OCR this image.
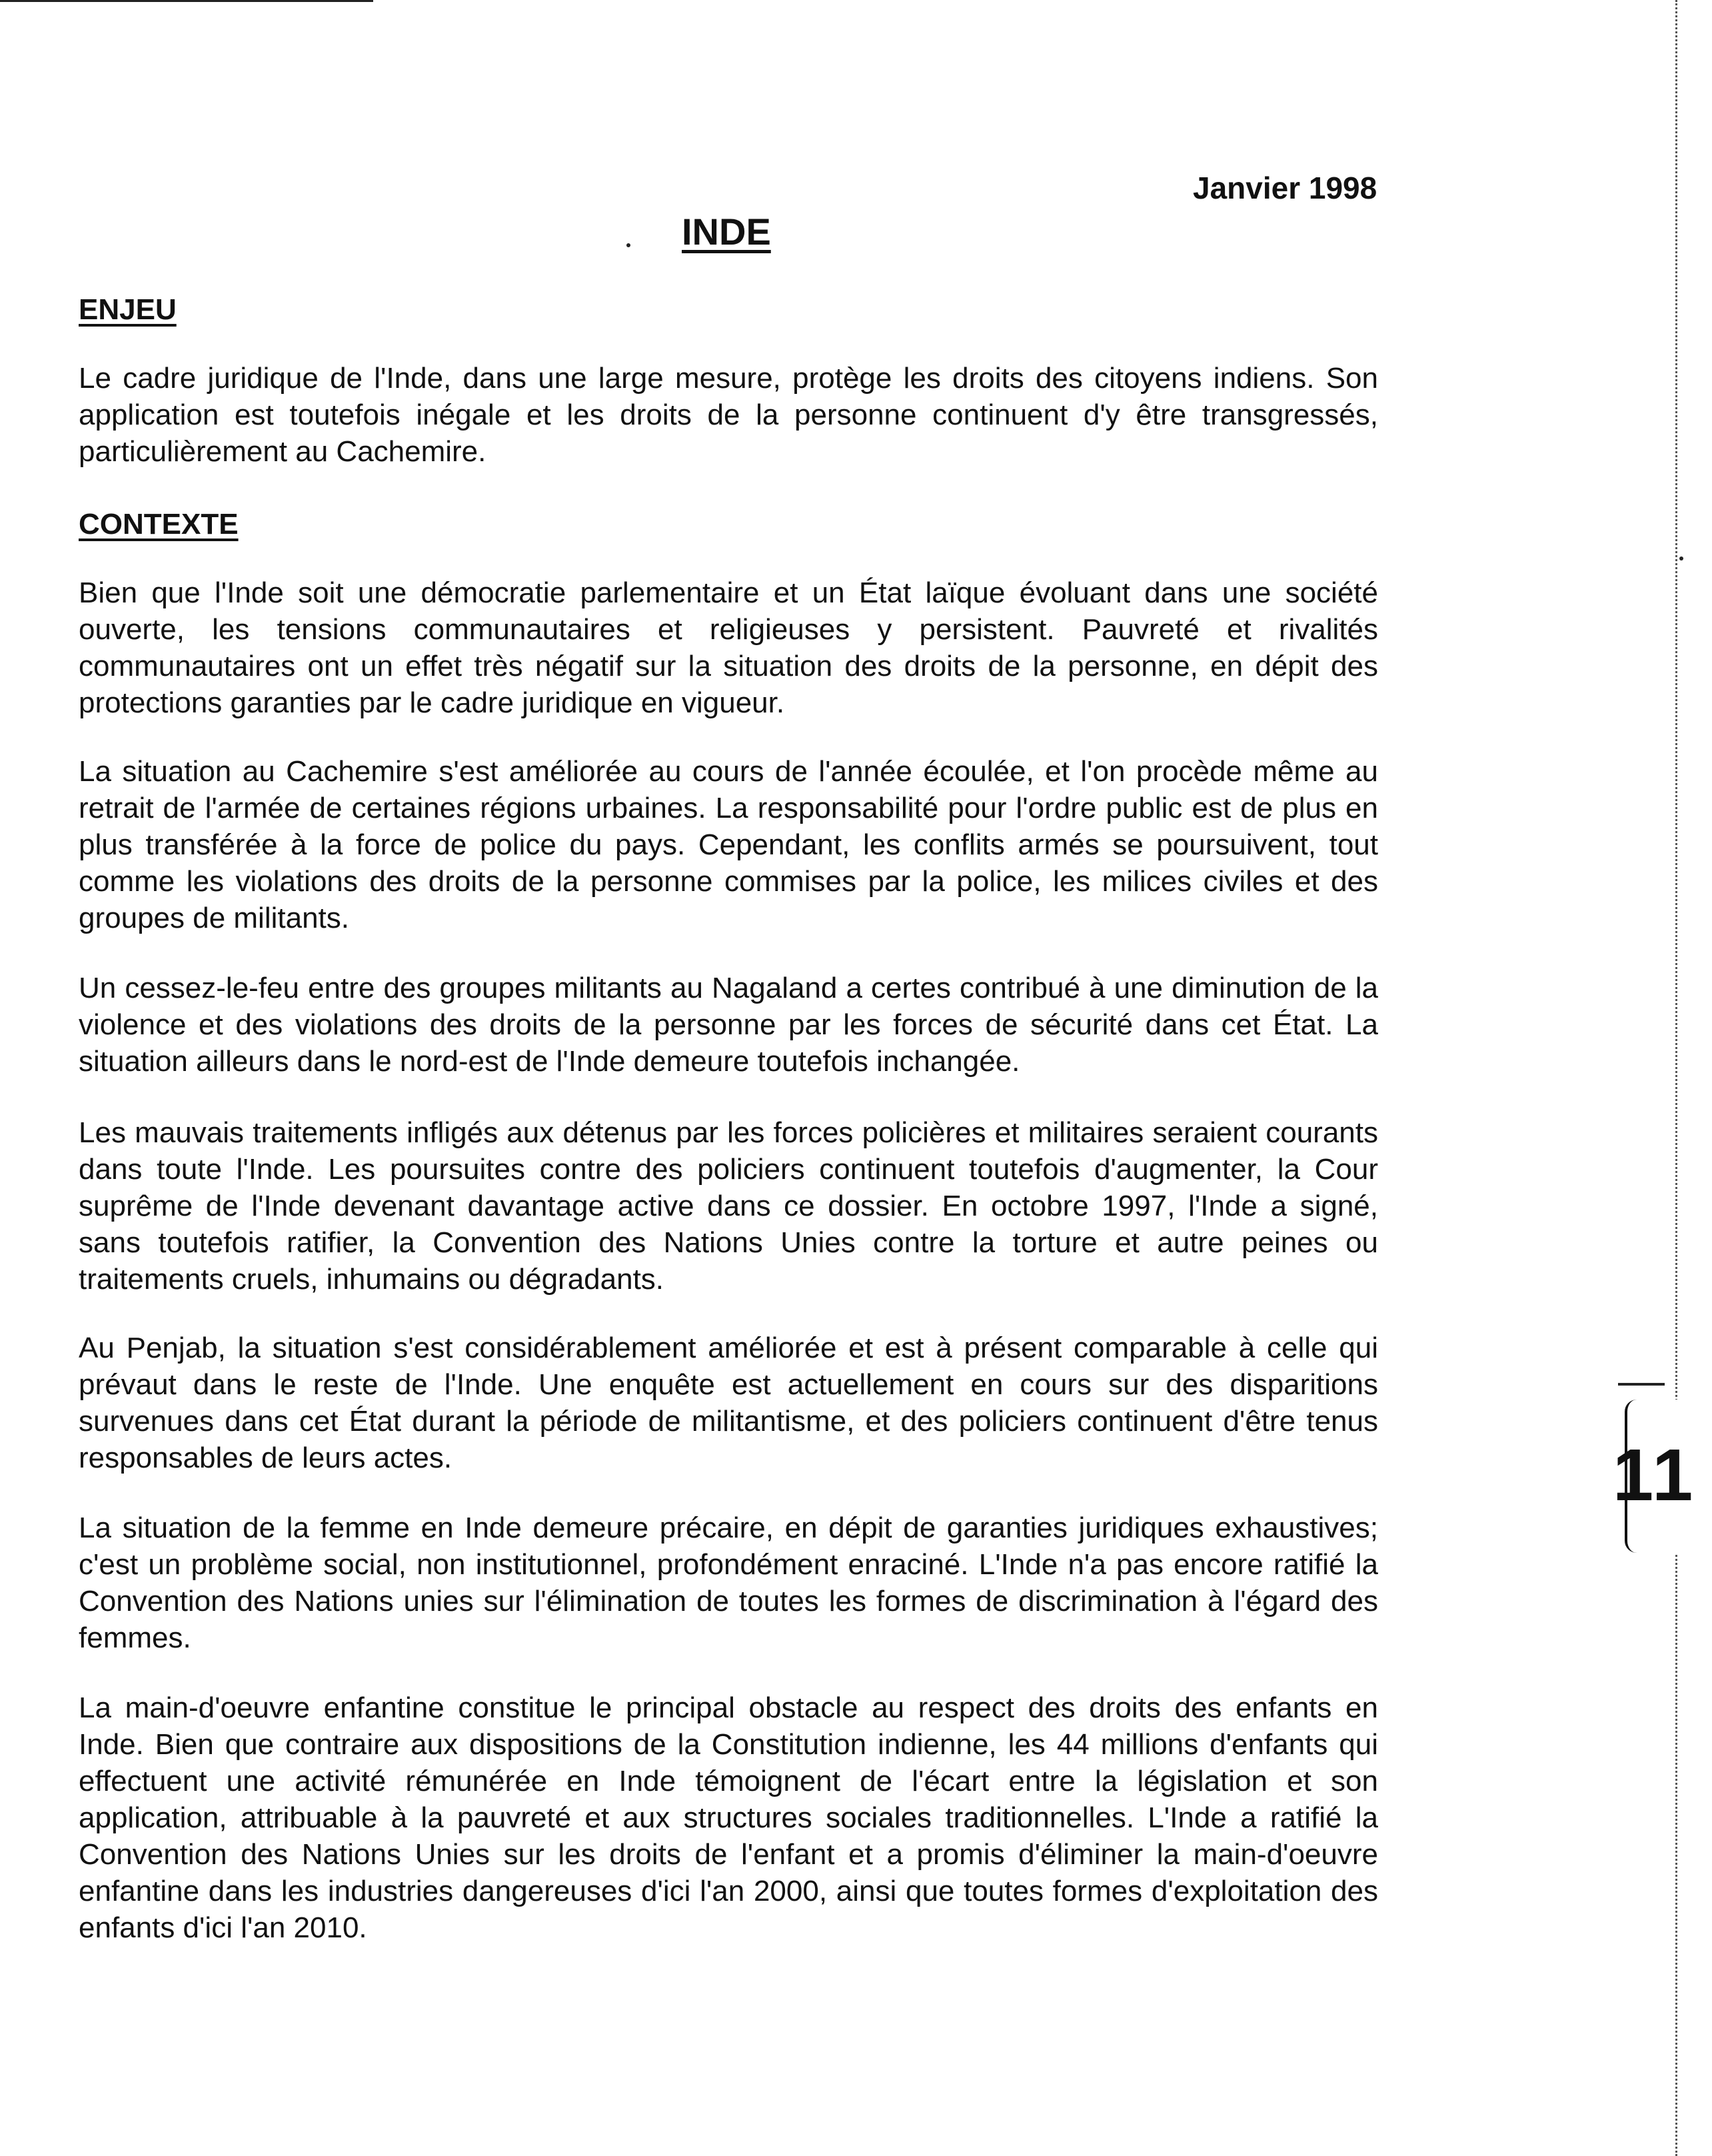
Janvier 1998
INDE
ENJEU

Le cadre juridique de l'Inde, dans une large mesure, protège les droits des citoyens indiens. Son application est toutefois inégale et les droits de la personne continuent d'y être transgressés, particulièrement au Cachemire.

CONTEXTE

Bien que l'Inde soit une démocratie parlementaire et un État laïque évoluant dans une société ouverte, les tensions communautaires et religieuses y persistent. Pauvreté et rivalités communautaires ont un effet très négatif sur la situation des droits de la personne, en dépit des protections garanties par le cadre juridique en vigueur.

La situation au Cachemire s'est améliorée au cours de l'année écoulée, et l'on procède même au retrait de l'armée de certaines régions urbaines. La responsabilité pour l'ordre public est de plus en plus transférée à la force de police du pays. Cependant, les conflits armés se poursuivent, tout comme les violations des droits de la personne commises par la police, les milices civiles et des groupes de militants.

Un cessez-le-feu entre des groupes militants au Nagaland a certes contribué à une diminution de la violence et des violations des droits de la personne par les forces de sécurité dans cet État. La situation ailleurs dans le nord-est de l'Inde demeure toutefois inchangée.

Les mauvais traitements infligés aux détenus par les forces policières et militaires seraient courants dans toute l'Inde. Les poursuites contre des policiers continuent toutefois d'augmenter, la Cour suprême de l'Inde devenant davantage active dans ce dossier. En octobre 1997, l'Inde a signé, sans toutefois ratifier, la Convention des Nations Unies contre la torture et autre peines ou traitements cruels, inhumains ou dégradants.

Au Penjab, la situation s'est considérablement améliorée et est à présent comparable à celle qui prévaut dans le reste de l'Inde. Une enquête est actuellement en cours sur des disparitions survenues dans cet État durant la période de militantisme, et des policiers continuent d'être tenus responsables de leurs actes.

La situation de la femme en Inde demeure précaire, en dépit de garanties juridiques exhaustives; c'est un problème social, non institutionnel, profondément enraciné. L'Inde n'a pas encore ratifié la Convention des Nations unies sur l'élimination de toutes les formes de discrimination à l'égard des femmes.

La main-d'oeuvre enfantine constitue le principal obstacle au respect des droits des enfants en Inde. Bien que contraire aux dispositions de la Constitution indienne, les 44 millions d'enfants qui effectuent une activité rémunérée en Inde témoignent de l'écart entre la législation et son application, attribuable à la pauvreté et aux structures sociales traditionnelles. L'Inde a ratifié la Convention des Nations Unies sur les droits de l'enfant et a promis d'éliminer la main-d'oeuvre enfantine dans les industries dangereuses d'ici l'an 2000, ainsi que toutes formes d'exploitation des enfants d'ici l'an 2010.

11
